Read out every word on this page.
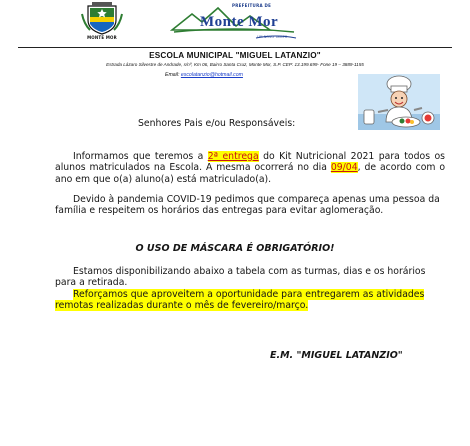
MONTE MOR
PREFEITURA DE
Monte Mor
UM NOVO TEMPO
ESCOLA MUNICIPAL "MIGUEL LATANZIO"
Estrada Lázaro Silvestre de Andrade, s/nº, Km 06, Bairro Santa Cruz, Monte Mor, S.P. CEP: 13.199.699- Fone 19 – 3889-1155
Email: escolatanzio@hotmail.com
Senhores Pais e/ou Responsáveis:
Informamos que teremos a 2ª entrega do Kit Nutricional 2021 para todos os alunos matriculados na Escola. A mesma ocorrerá no dia 09/04, de acordo com o ano em que o(a) aluno(a) está matriculado(a).
Devido à pandemia COVID-19 pedimos que compareça apenas uma pessoa da família e respeitem os horários das entregas para evitar aglomeração.
O USO DE MÁSCARA É OBRIGATÓRIO!
Estamos disponibilizando abaixo a tabela com as turmas, dias e os horários para a retirada.
Reforçamos que aproveitem a oportunidade para entregarem as atividades remotas realizadas durante o mês de fevereiro/março.
E.M. "MIGUEL LATANZIO"
